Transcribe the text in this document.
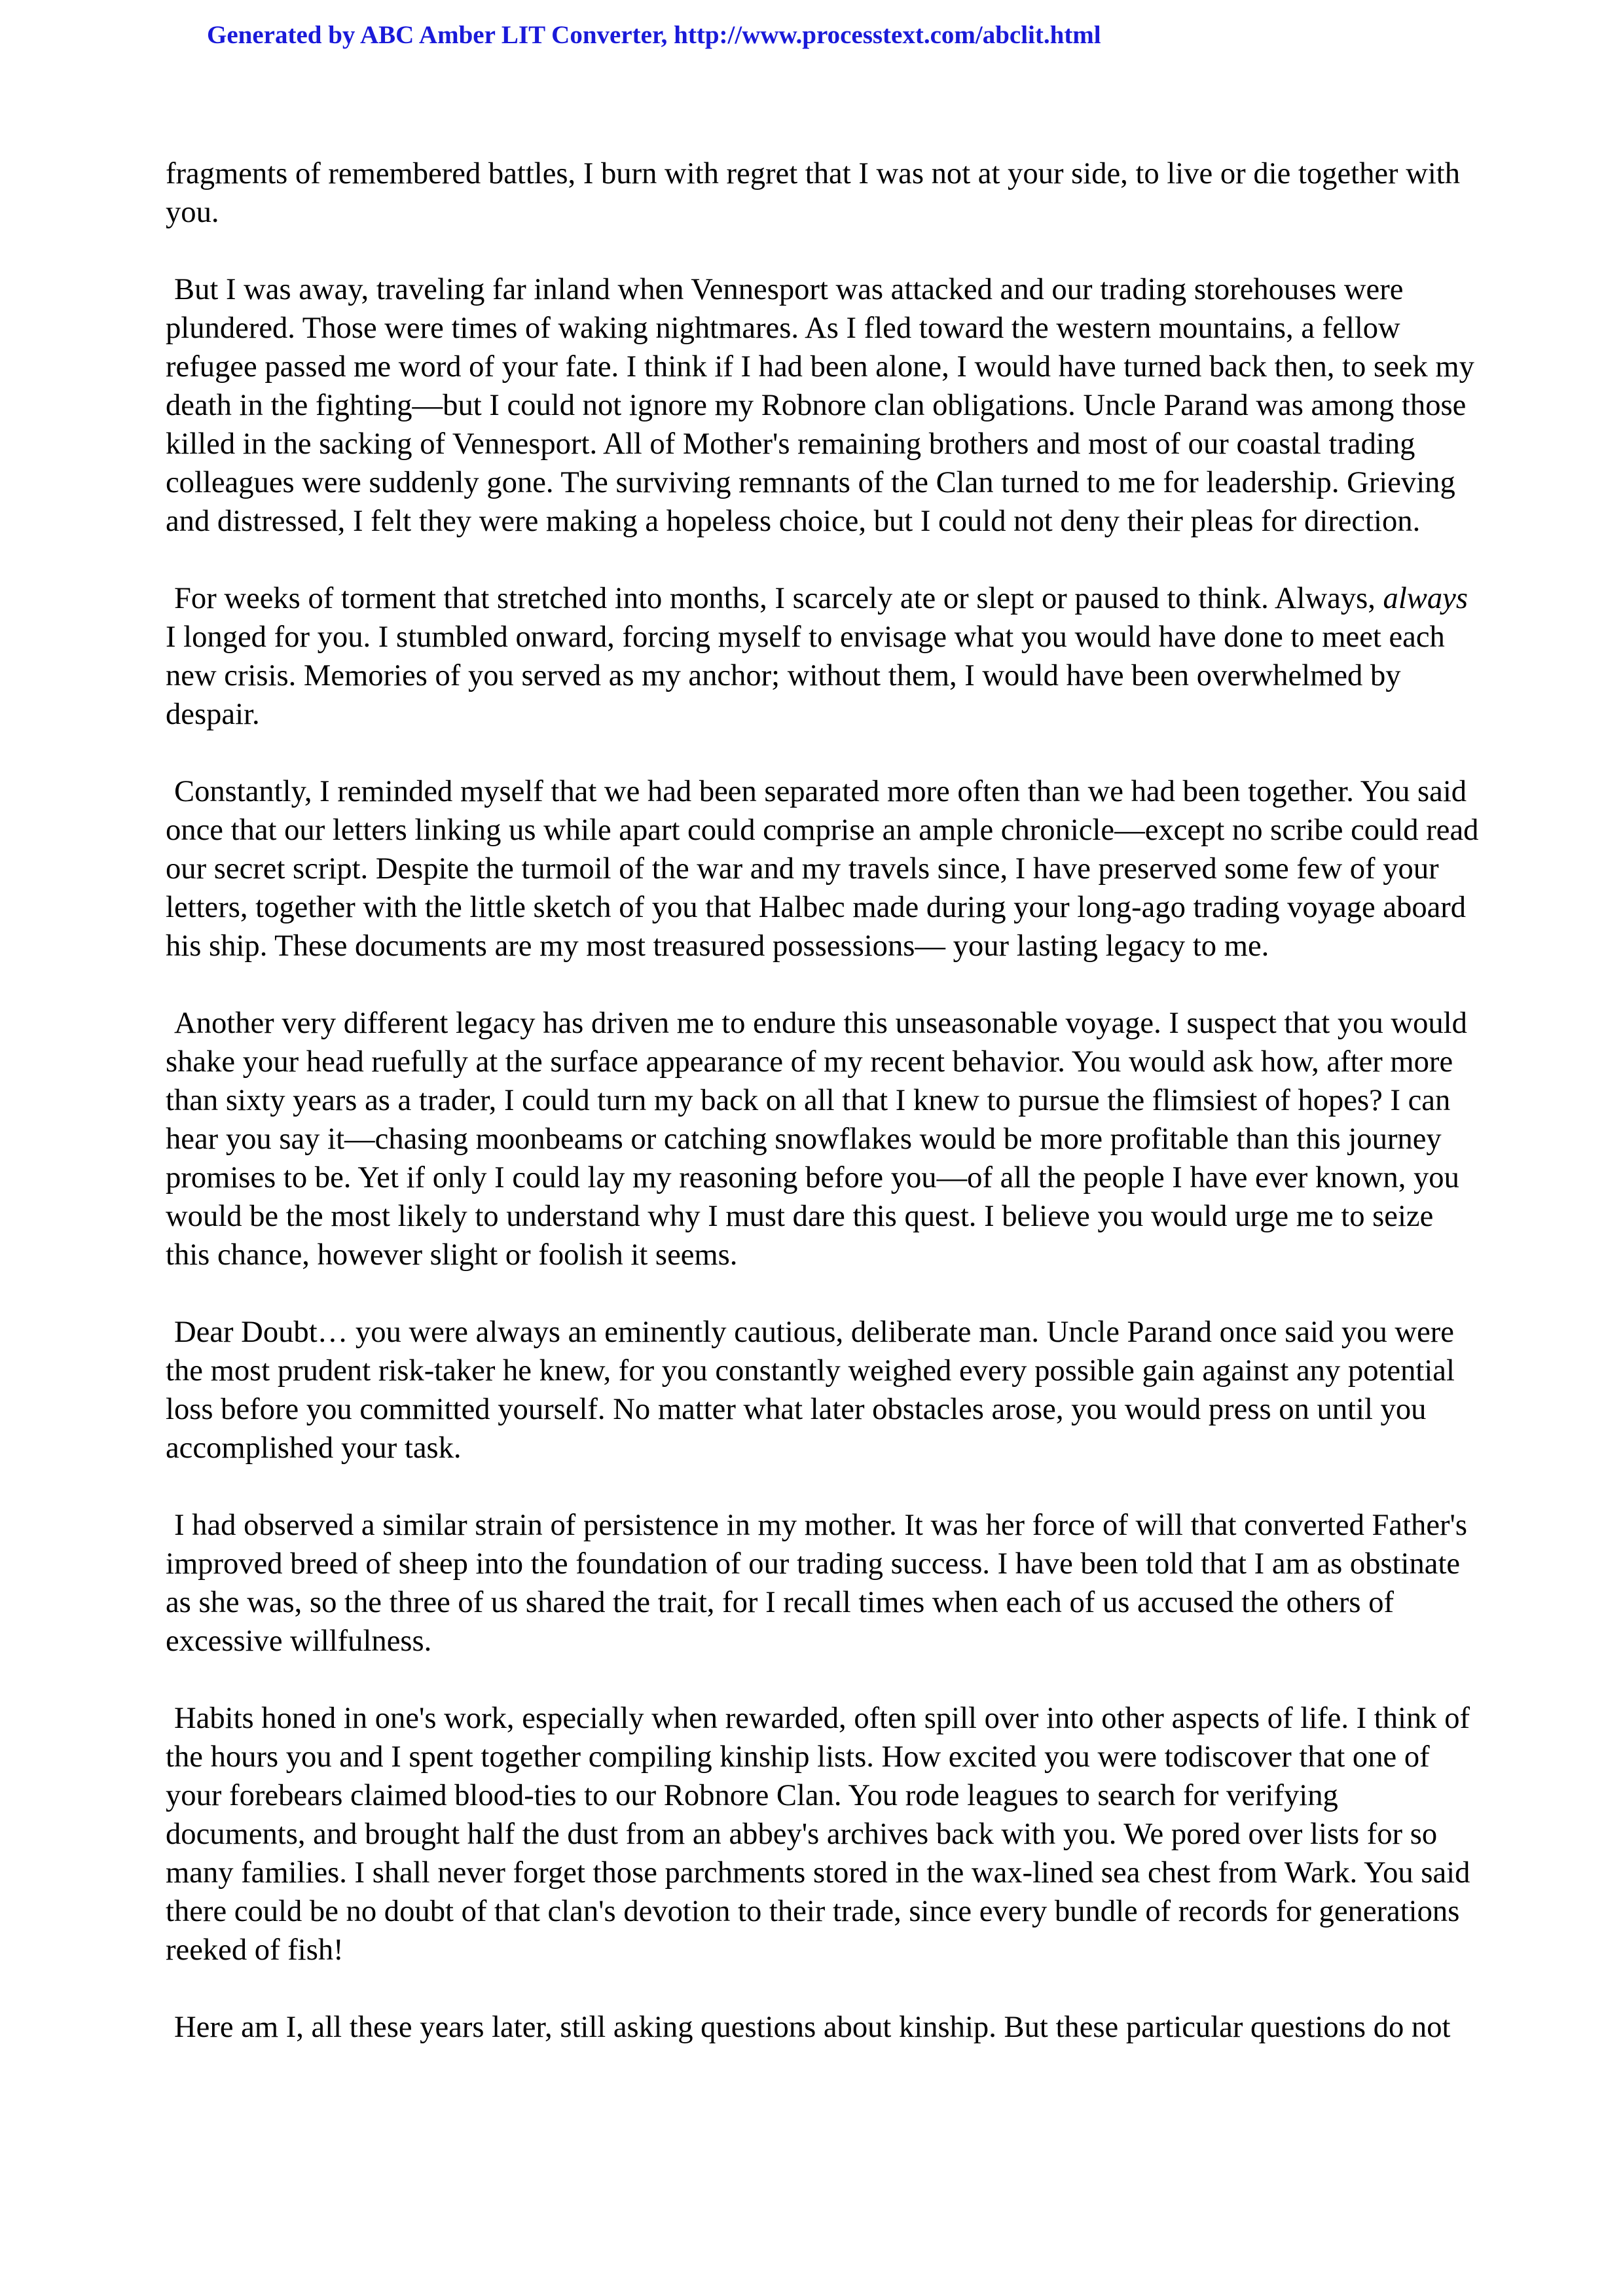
Generated by ABC Amber LIT Converter, http://www.processtext.com/abclit.html

fragments of remembered battles, I burn with regret that I was not at your side, to live or die together with you.

But I was away, traveling far inland when Vennesport was attacked and our trading storehouses were plundered. Those were times of waking nightmares. As I fled toward the western mountains, a fellow refugee passed me word of your fate. I think if I had been alone, I would have turned back then, to seek my death in the fighting—but I could not ignore my Robnore clan obligations. Uncle Parand was among those killed in the sacking of Vennesport. All of Mother's remaining brothers and most of our coastal trading colleagues were suddenly gone. The surviving remnants of the Clan turned to me for leadership. Grieving and distressed, I felt they were making a hopeless choice, but I could not deny their pleas for direction.

For weeks of torment that stretched into months, I scarcely ate or slept or paused to think. Always, always I longed for you. I stumbled onward, forcing myself to envisage what you would have done to meet each new crisis. Memories of you served as my anchor; without them, I would have been overwhelmed by despair.

Constantly, I reminded myself that we had been separated more often than we had been together. You said once that our letters linking us while apart could comprise an ample chronicle—except no scribe could read our secret script. Despite the turmoil of the war and my travels since, I have preserved some few of your letters, together with the little sketch of you that Halbec made during your long-ago trading voyage aboard his ship. These documents are my most treasured possessions— your lasting legacy to me.

Another very different legacy has driven me to endure this unseasonable voyage. I suspect that you would shake your head ruefully at the surface appearance of my recent behavior. You would ask how, after more than sixty years as a trader, I could turn my back on all that I knew to pursue the flimsiest of hopes? I can hear you say it—chasing moonbeams or catching snowflakes would be more profitable than this journey promises to be. Yet if only I could lay my reasoning before you—of all the people I have ever known, you would be the most likely to understand why I must dare this quest. I believe you would urge me to seize this chance, however slight or foolish it seems.

Dear Doubt… you were always an eminently cautious, deliberate man. Uncle Parand once said you were the most prudent risk-taker he knew, for you constantly weighed every possible gain against any potential loss before you committed yourself. No matter what later obstacles arose, you would press on until you accomplished your task.

I had observed a similar strain of persistence in my mother. It was her force of will that converted Father's improved breed of sheep into the foundation of our trading success. I have been told that I am as obstinate as she was, so the three of us shared the trait, for I recall times when each of us accused the others of excessive willfulness.

Habits honed in one's work, especially when rewarded, often spill over into other aspects of life. I think of the hours you and I spent together compiling kinship lists. How excited you were todiscover that one of your forebears claimed blood-ties to our Robnore Clan. You rode leagues to search for verifying documents, and brought half the dust from an abbey's archives back with you. We pored over lists for so many families. I shall never forget those parchments stored in the wax-lined sea chest from Wark. You said there could be no doubt of that clan's devotion to their trade, since every bundle of records for generations reeked of fish!

Here am I, all these years later, still asking questions about kinship. But these particular questions do not
